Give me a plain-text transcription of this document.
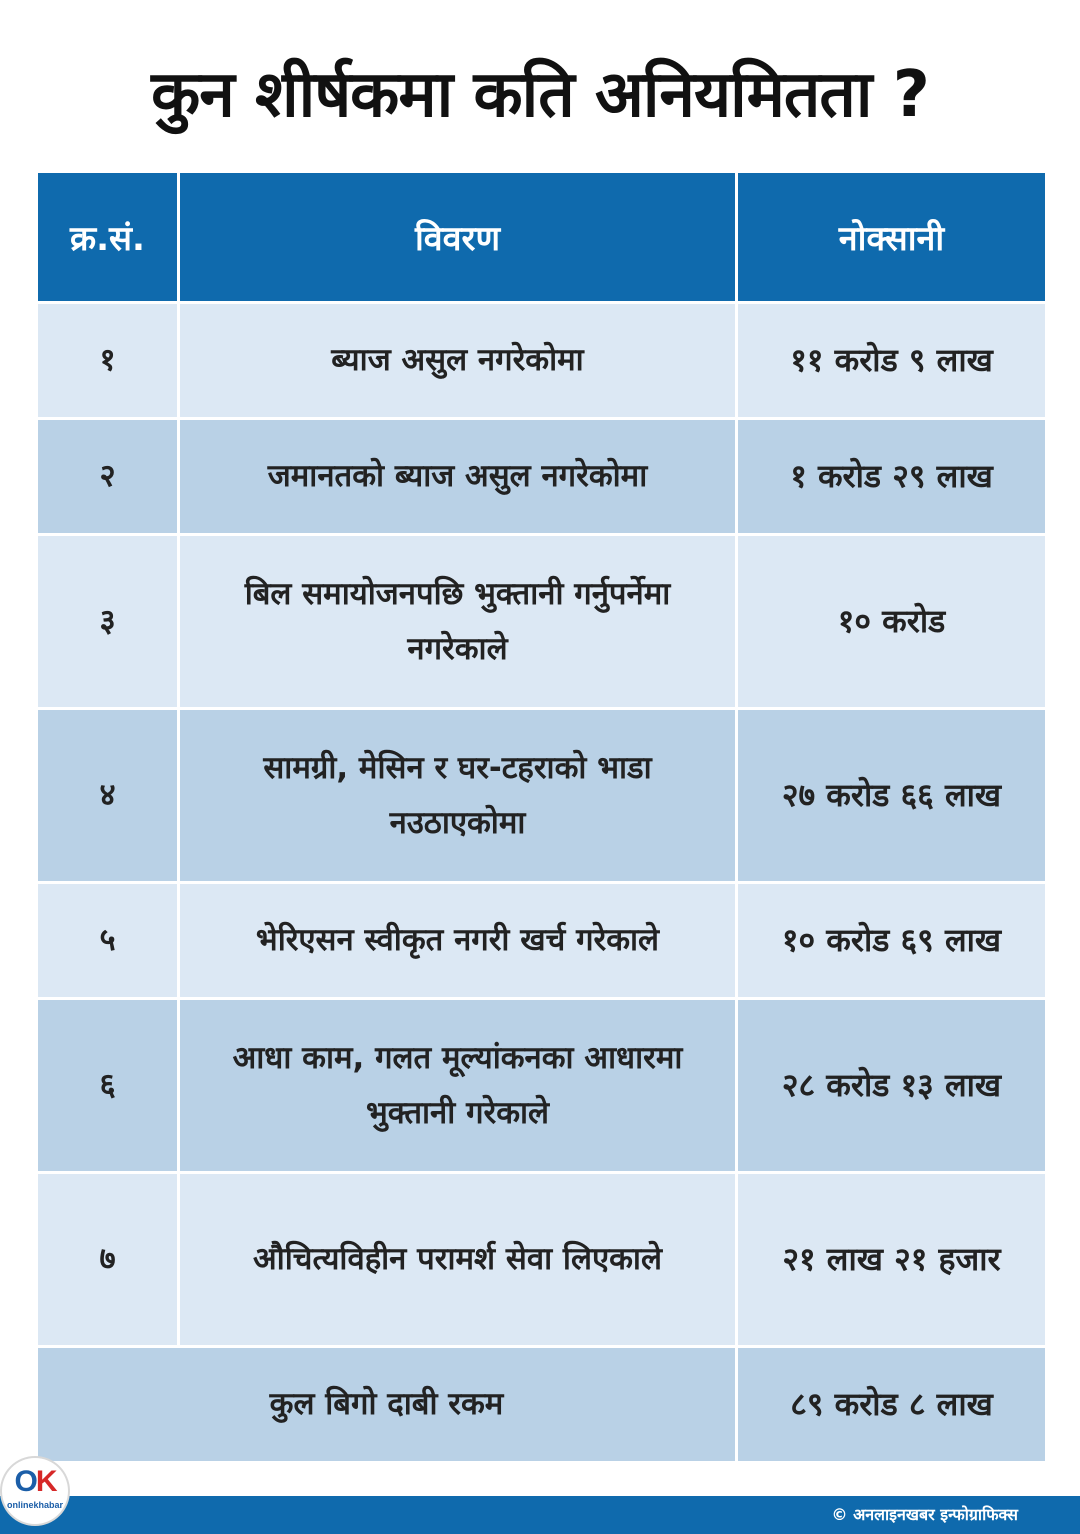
कुन शीर्षकमा कति अनियमितता ?
क्र.सं.	विवरण	नोक्सानी
१	ब्याज असुल नगरेकोमा	११ करोड ९ लाख
२	जमानतको ब्याज असुल नगरेकोमा	१ करोड २९ लाख
३	बिल समायोजनपछि भुक्तानी गर्नुपर्नेमा नगरेकाले	१० करोड
४	सामग्री, मेसिन र घर-टहराको भाडा नउठाएकोमा	२७ करोड ६६ लाख
५	भेरिएसन स्वीकृत नगरी खर्च गरेकाले	१० करोड ६९ लाख
६	आधा काम, गलत मूल्यांकनका आधारमा भुक्तानी गरेकाले	२८ करोड १३ लाख
७	औचित्यविहीन परामर्श सेवा लिएकाले	२१ लाख २१ हजार
कुल बिगो दाबी रकम		८९ करोड ८ लाख
© अनलाइनखबर इन्फोग्राफिक्स
OK
onlinekhabar
